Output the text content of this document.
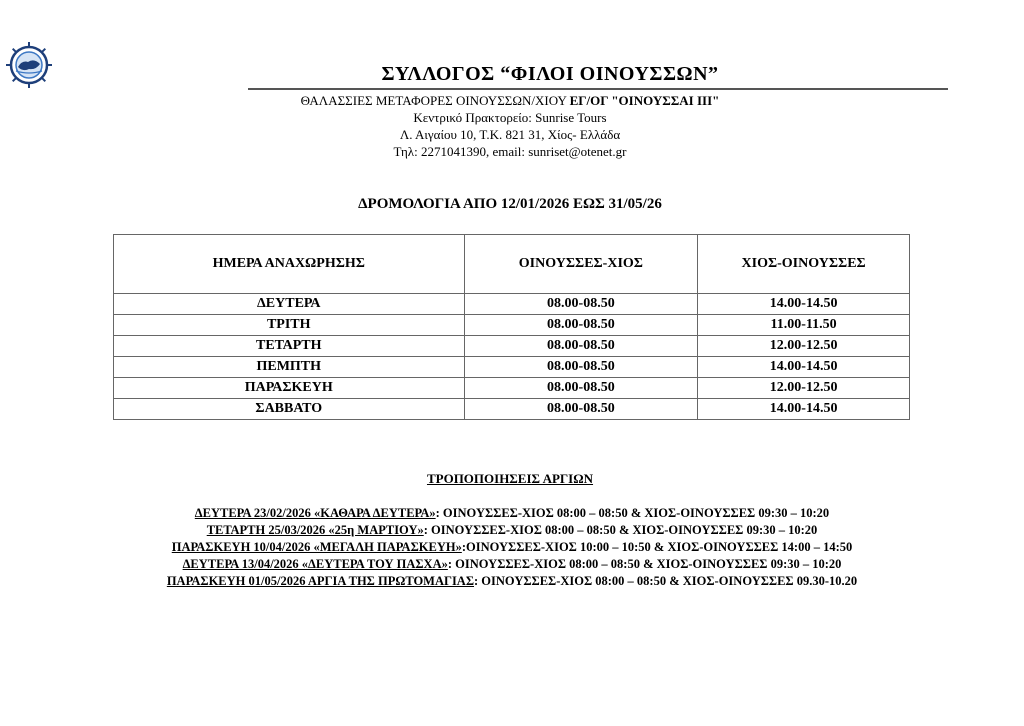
ΣΥΛΛΟΓΟΣ “ΦΙΛΟΙ ΟΙΝΟΥΣΣΩΝ”
ΘΑΛΑΣΣΙΕΣ ΜΕΤΑΦΟΡΕΣ ΟΙΝΟΥΣΣΩΝ/ΧΙΟΥ ΕΓ/ΟΓ "ΟΙΝΟΥΣΣΑΙ ΙΙΙ"
Κεντρικό Πρακτορείο: Sunrise Tours
Λ. Αιγαίου 10, Τ.Κ. 821 31, Χίος- Ελλάδα
Τηλ: 2271041390, email: sunriset@otenet.gr
ΔΡΟΜΟΛΟΓΙΑ ΑΠΟ 12/01/2026 ΕΩΣ 31/05/26
ΗΜΕΡΑ ΑΝΑΧΩΡΗΣΗΣ	ΟΙΝΟΥΣΣΕΣ-ΧΙΟΣ	ΧΙΟΣ-ΟΙΝΟΥΣΣΕΣ
ΔΕΥΤΕΡΑ	08.00-08.50	14.00-14.50
ΤΡΙΤΗ	08.00-08.50	11.00-11.50
ΤΕΤΑΡΤΗ	08.00-08.50	12.00-12.50
ΠΕΜΠΤΗ	08.00-08.50	14.00-14.50
ΠΑΡΑΣΚΕΥΗ	08.00-08.50	12.00-12.50
ΣΑΒΒΑΤΟ	08.00-08.50	14.00-14.50
ΤΡΟΠΟΠΟΙΗΣΕΙΣ ΑΡΓΙΩΝ
ΔΕΥΤΕΡΑ 23/02/2026 «ΚΑΘΑΡΑ ΔΕΥΤΕΡΑ»: ΟΙΝΟΥΣΣΕΣ-ΧΙΟΣ 08:00 – 08:50 & ΧΙΟΣ-ΟΙΝΟΥΣΣΕΣ 09:30 – 10:20
ΤΕΤΑΡΤΗ 25/03/2026 «25η ΜΑΡΤΙΟΥ»: ΟΙΝΟΥΣΣΕΣ-ΧΙΟΣ 08:00 – 08:50 & ΧΙΟΣ-ΟΙΝΟΥΣΣΕΣ 09:30 – 10:20
ΠΑΡΑΣΚΕΥΗ 10/04/2026 «ΜΕΓΑΛΗ ΠΑΡΑΣΚΕΥΗ»:ΟΙΝΟΥΣΣΕΣ-ΧΙΟΣ 10:00 – 10:50 & ΧΙΟΣ-ΟΙΝΟΥΣΣΕΣ 14:00 – 14:50
ΔΕΥΤΕΡΑ 13/04/2026 «ΔΕΥΤΕΡΑ ΤΟΥ ΠΑΣΧΑ»: ΟΙΝΟΥΣΣΕΣ-ΧΙΟΣ 08:00 – 08:50 & ΧΙΟΣ-ΟΙΝΟΥΣΣΕΣ 09:30 – 10:20
ΠΑΡΑΣΚΕΥΗ 01/05/2026 ΑΡΓΙΑ ΤΗΣ ΠΡΩΤΟΜΑΓΙΑΣ: ΟΙΝΟΥΣΣΕΣ-ΧΙΟΣ 08:00 – 08:50 & ΧΙΟΣ-ΟΙΝΟΥΣΣΕΣ 09.30-10.20
